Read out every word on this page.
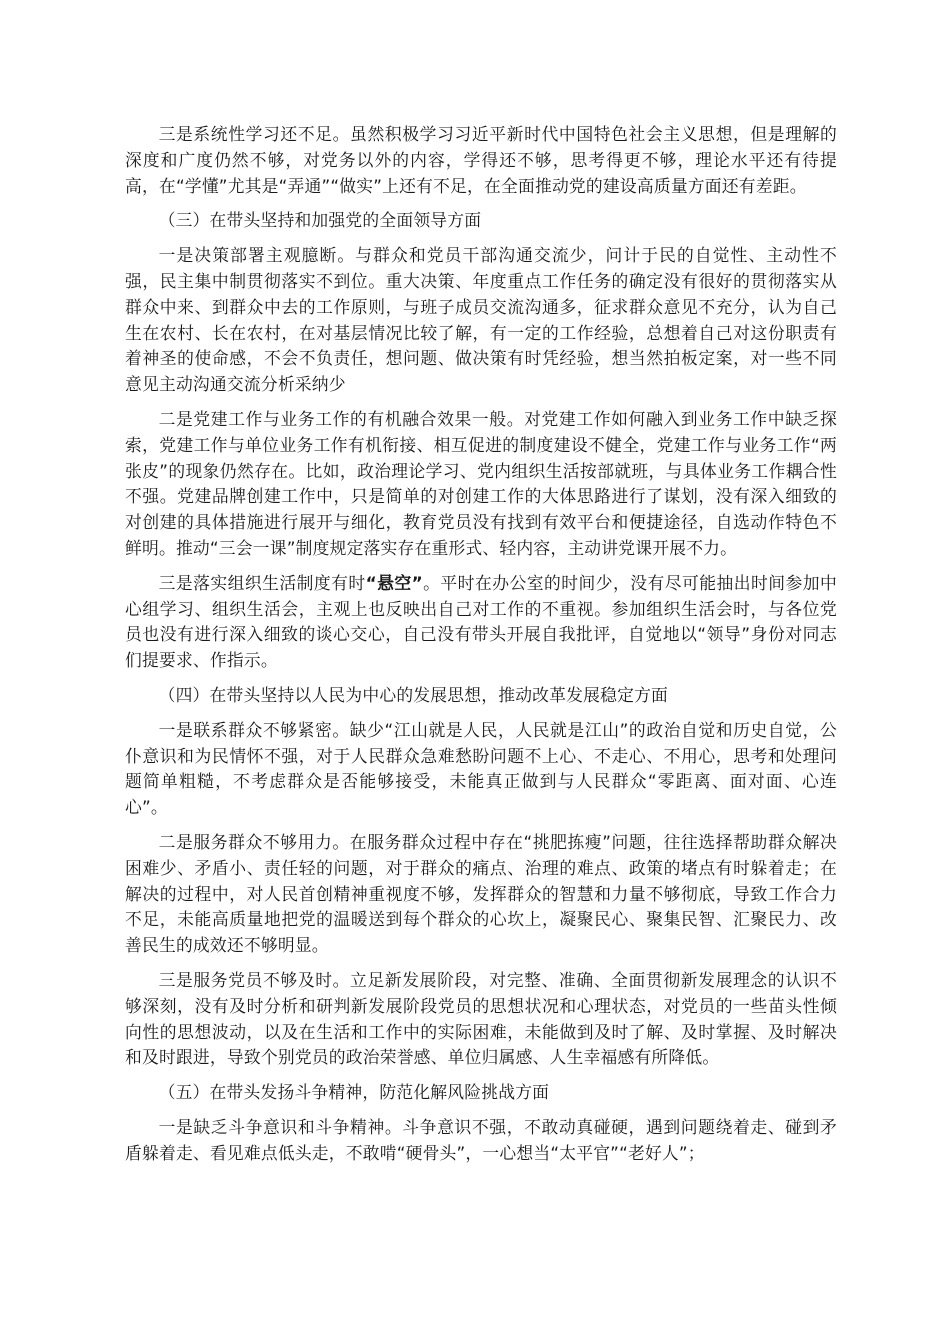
三是系统性学习还不足。虽然积极学习习近平新时代中国特色社会主义思想，但是理解的深度和广度仍然不够，对党务以外的内容，学得还不够，思考得更不够，理论水平还有待提高，在“学懂”尤其是“弄通”“做实”上还有不足，在全面推动党的建设高质量方面还有差距。

（三）在带头坚持和加强党的全面领导方面

一是决策部署主观臆断。与群众和党员干部沟通交流少，问计于民的自觉性、主动性不强，民主集中制贯彻落实不到位。重大决策、年度重点工作任务的确定没有很好的贯彻落实从群众中来、到群众中去的工作原则，与班子成员交流沟通多，征求群众意见不充分，认为自己生在农村、长在农村，在对基层情况比较了解，有一定的工作经验，总想着自己对这份职责有着神圣的使命感，不会不负责任，想问题、做决策有时凭经验，想当然拍板定案，对一些不同意见主动沟通交流分析采纳少

二是党建工作与业务工作的有机融合效果一般。对党建工作如何融入到业务工作中缺乏探索，党建工作与单位业务工作有机衔接、相互促进的制度建设不健全，党建工作与业务工作“两张皮”的现象仍然存在。比如，政治理论学习、党内组织生活按部就班，与具体业务工作耦合性不强。党建品牌创建工作中，只是简单的对创建工作的大体思路进行了谋划，没有深入细致的对创建的具体措施进行展开与细化，教育党员没有找到有效平台和便捷途径，自选动作特色不鲜明。推动“三会一课”制度规定落实存在重形式、轻内容，主动讲党课开展不力。

三是落实组织生活制度有时“悬空”。平时在办公室的时间少，没有尽可能抽出时间参加中心组学习、组织生活会，主观上也反映出自己对工作的不重视。参加组织生活会时，与各位党员也没有进行深入细致的谈心交心，自己没有带头开展自我批评，自觉地以“领导”身份对同志们提要求、作指示。

（四）在带头坚持以人民为中心的发展思想，推动改革发展稳定方面

一是联系群众不够紧密。缺少“江山就是人民，人民就是江山”的政治自觉和历史自觉，公仆意识和为民情怀不强，对于人民群众急难愁盼问题不上心、不走心、不用心，思考和处理问题简单粗糙，不考虑群众是否能够接受，未能真正做到与人民群众“零距离、面对面、心连心”。

二是服务群众不够用力。在服务群众过程中存在“挑肥拣瘦”问题，往往选择帮助群众解决困难少、矛盾小、责任轻的问题，对于群众的痛点、治理的难点、政策的堵点有时躲着走；在解决的过程中，对人民首创精神重视度不够，发挥群众的智慧和力量不够彻底，导致工作合力不足，未能高质量地把党的温暖送到每个群众的心坎上，凝聚民心、聚集民智、汇聚民力、改善民生的成效还不够明显。

三是服务党员不够及时。立足新发展阶段，对完整、准确、全面贯彻新发展理念的认识不够深刻，没有及时分析和研判新发展阶段党员的思想状况和心理状态，对党员的一些苗头性倾向性的思想波动，以及在生活和工作中的实际困难，未能做到及时了解、及时掌握、及时解决和及时跟进，导致个别党员的政治荣誉感、单位归属感、人生幸福感有所降低。

（五）在带头发扬斗争精神，防范化解风险挑战方面

一是缺乏斗争意识和斗争精神。斗争意识不强，不敢动真碰硬，遇到问题绕着走、碰到矛盾躲着走、看见难点低头走，不敢啃“硬骨头”，一心想当“太平官”“老好人”；
